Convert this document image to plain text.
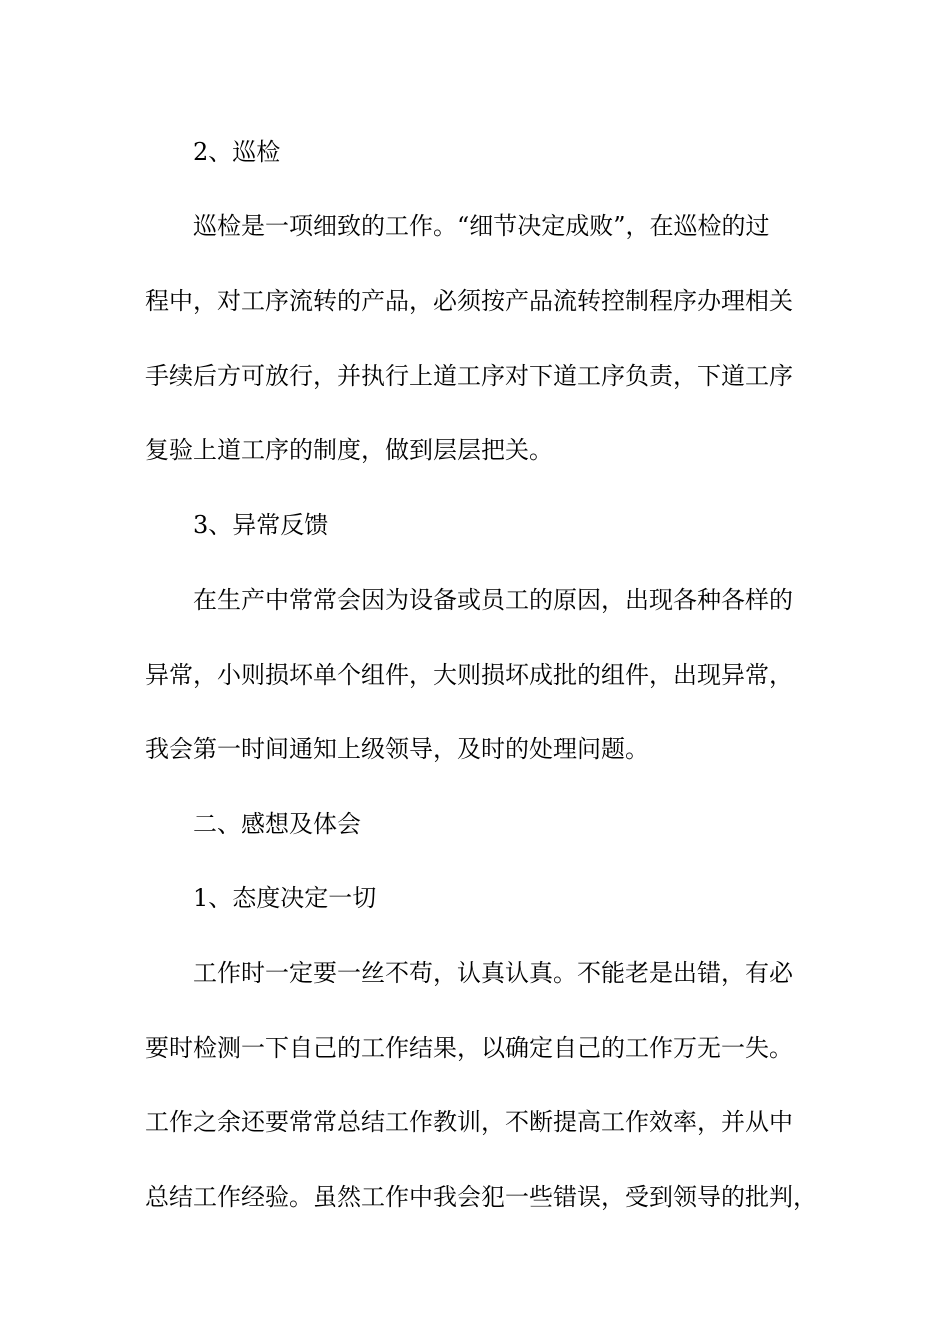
2、巡检
巡检是一项细致的工作。“细节决定成败”，在巡检的过
程中，对工序流转的产品，必须按产品流转控制程序办理相关
手续后方可放行，并执行上道工序对下道工序负责，下道工序
复验上道工序的制度，做到层层把关。
3、异常反馈
在生产中常常会因为设备或员工的原因，出现各种各样的
异常，小则损坏单个组件，大则损坏成批的组件，出现异常，
我会第一时间通知上级领导，及时的处理问题。
二、感想及体会
1、态度决定一切
工作时一定要一丝不苟，认真认真。不能老是出错，有必
要时检测一下自己的工作结果，以确定自己的工作万无一失。
工作之余还要常常总结工作教训，不断提高工作效率，并从中
总结工作经验。虽然工作中我会犯一些错误，受到领导的批判，
